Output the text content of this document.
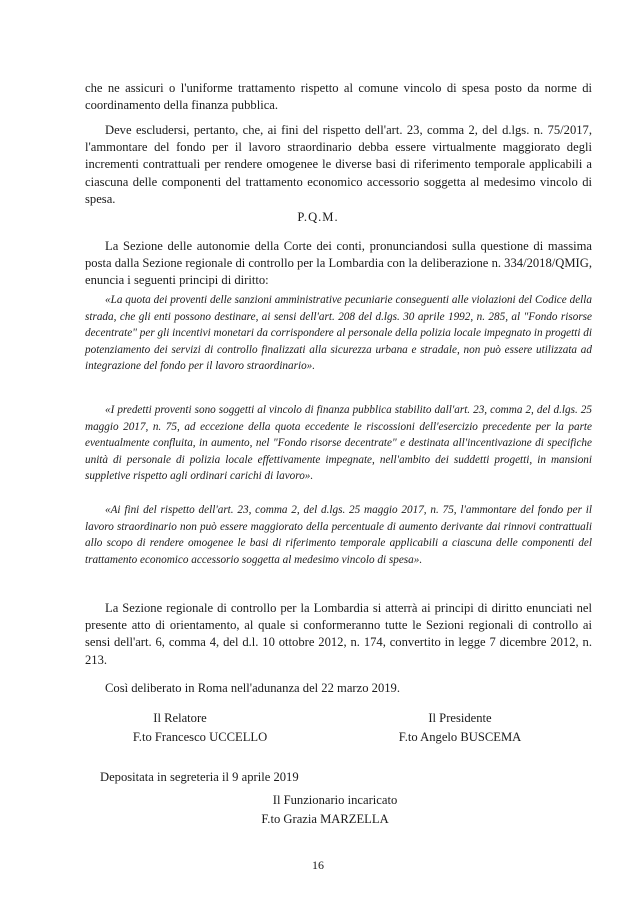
che ne assicuri o l'uniforme trattamento rispetto al comune vincolo di spesa posto da norme di coordinamento della finanza pubblica.

Deve escludersi, pertanto, che, ai fini del rispetto dell'art. 23, comma 2, del d.lgs. n. 75/2017, l'ammontare del fondo per il lavoro straordinario debba essere virtualmente maggiorato degli incrementi contrattuali per rendere omogenee le diverse basi di riferimento temporale applicabili a ciascuna delle componenti del trattamento economico accessorio soggetta al medesimo vincolo di spesa.

P.Q.M.

La Sezione delle autonomie della Corte dei conti, pronunciandosi sulla questione di massima posta dalla Sezione regionale di controllo per la Lombardia con la deliberazione n. 334/2018/QMIG, enuncia i seguenti principi di diritto:

«La quota dei proventi delle sanzioni amministrative pecuniarie conseguenti alle violazioni del Codice della strada, che gli enti possono destinare, ai sensi dell'art. 208 del d.lgs. 30 aprile 1992, n. 285, al "Fondo risorse decentrate" per gli incentivi monetari da corrispondere al personale della polizia locale impegnato in progetti di potenziamento dei servizi di controllo finalizzati alla sicurezza urbana e stradale, non può essere utilizzata ad integrazione del fondo per il lavoro straordinario».

«I predetti proventi sono soggetti al vincolo di finanza pubblica stabilito dall'art. 23, comma 2, del d.lgs. 25 maggio 2017, n. 75, ad eccezione della quota eccedente le riscossioni dell'esercizio precedente per la parte eventualmente confluita, in aumento, nel "Fondo risorse decentrate" e destinata all'incentivazione di specifiche unità di personale di polizia locale effettivamente impegnate, nell'ambito dei suddetti progetti, in mansioni suppletive rispetto agli ordinari carichi di lavoro».

«Ai fini del rispetto dell'art. 23, comma 2, del d.lgs. 25 maggio 2017, n. 75, l'ammontare del fondo per il lavoro straordinario non può essere maggiorato della percentuale di aumento derivante dai rinnovi contrattuali allo scopo di rendere omogenee le basi di riferimento temporale applicabili a ciascuna delle componenti del trattamento economico accessorio soggetta al medesimo vincolo di spesa».

La Sezione regionale di controllo per la Lombardia si atterrà ai principi di diritto enunciati nel presente atto di orientamento, al quale si conformeranno tutte le Sezioni regionali di controllo ai sensi dell'art. 6, comma 4, del d.l. 10 ottobre 2012, n. 174, convertito in legge 7 dicembre 2012, n. 213.

Così deliberato in Roma nell'adunanza del 22 marzo 2019.

Il Relatore
F.to Francesco UCCELLO
Il Presidente
F.to Angelo BUSCEMA
Depositata in segreteria il 9 aprile 2019
Il Funzionario incaricato
F.to Grazia MARZELLA
16
